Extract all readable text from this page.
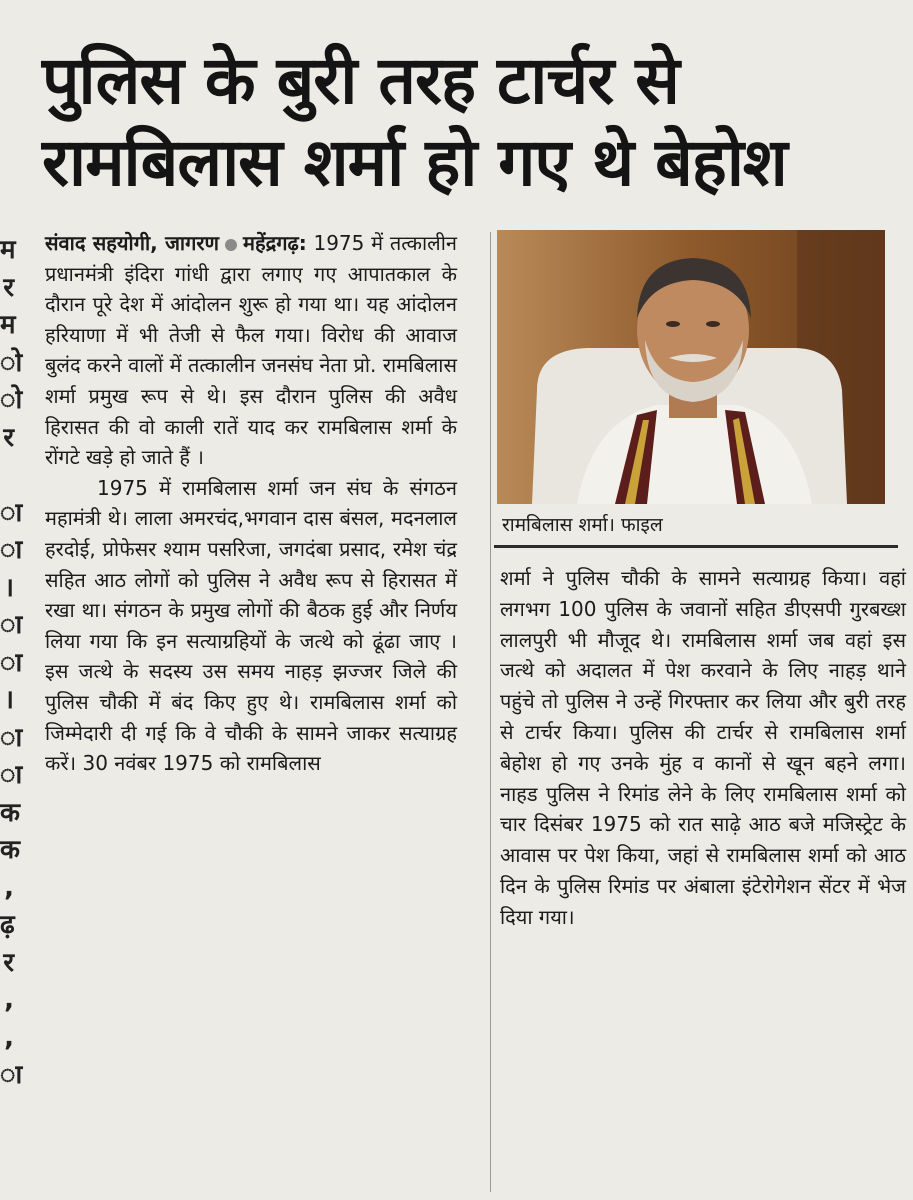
म
र
म
ो
ो
र

ा
ा
।
ा
ा
।
ा
ा
क
क
,
ढ़
र
,
,
ा
पुलिस के बुरी तरह टार्चर से
रामबिलास शर्मा हो गए थे बेहोश

संवाद सहयोगी, जागरण महेंद्रगढ़: 1975 में तत्कालीन प्रधानमंत्री इंदिरा गांधी द्वारा लगाए गए आपातकाल के दौरान पूरे देश में आंदोलन शुरू हो गया था। यह आंदोलन हरियाणा में भी तेजी से फैल गया। विरोध की आवाज बुलंद करने वालों में तत्कालीन जनसंघ नेता प्रो. रामबिलास शर्मा प्रमुख रूप से थे। इस दौरान पुलिस की अवैध हिरासत की वो काली रातें याद कर रामबिलास शर्मा के रोंगटे खड़े हो जाते हैं ।

1975 में रामबिलास शर्मा जन संघ के संगठन महामंत्री थे। लाला अमरचंद,भगवान दास बंसल, मदनलाल हरदोई, प्रोफेसर श्याम पसरिजा, जगदंबा प्रसाद, रमेश चंद्र सहित आठ लोगों को पुलिस ने अवैध रूप से हिरासत में रखा था। संगठन के प्रमुख लोगों की बैठक हुई और निर्णय लिया गया कि इन सत्याग्रहियों के जत्थे को ढूंढा जाए । इस जत्थे के सदस्य उस समय नाहड़ झज्जर जिले की पुलिस चौकी में बंद किए हुए थे। रामबिलास शर्मा को जिम्मेदारी दी गई कि वे चौकी के सामने जाकर सत्याग्रह करें। 30 नवंबर 1975 को रामबिलास

रामबिलास शर्मा। फाइल

शर्मा ने पुलिस चौकी के सामने सत्याग्रह किया। वहां लगभग 100 पुलिस के जवानों सहित डीएसपी गुरबख्श लालपुरी भी मौजूद थे। रामबिलास शर्मा जब वहां इस जत्थे को अदालत में पेश करवाने के लिए नाहड़ थाने पहुंचे तो पुलिस ने उन्हें गिरफ्तार कर लिया और बुरी तरह से टार्चर किया। पुलिस की टार्चर से रामबिलास शर्मा बेहोश हो गए उनके मुंह व कानों से खून बहने लगा। नाहड पुलिस ने रिमांड लेने के लिए रामबिलास शर्मा को चार दिसंबर 1975 को रात साढ़े आठ बजे मजिस्ट्रेट के आवास पर पेश किया, जहां से रामबिलास शर्मा को आठ दिन के पुलिस रिमांड पर अंबाला इंटेरोगेशन सेंटर में भेज दिया गया।
